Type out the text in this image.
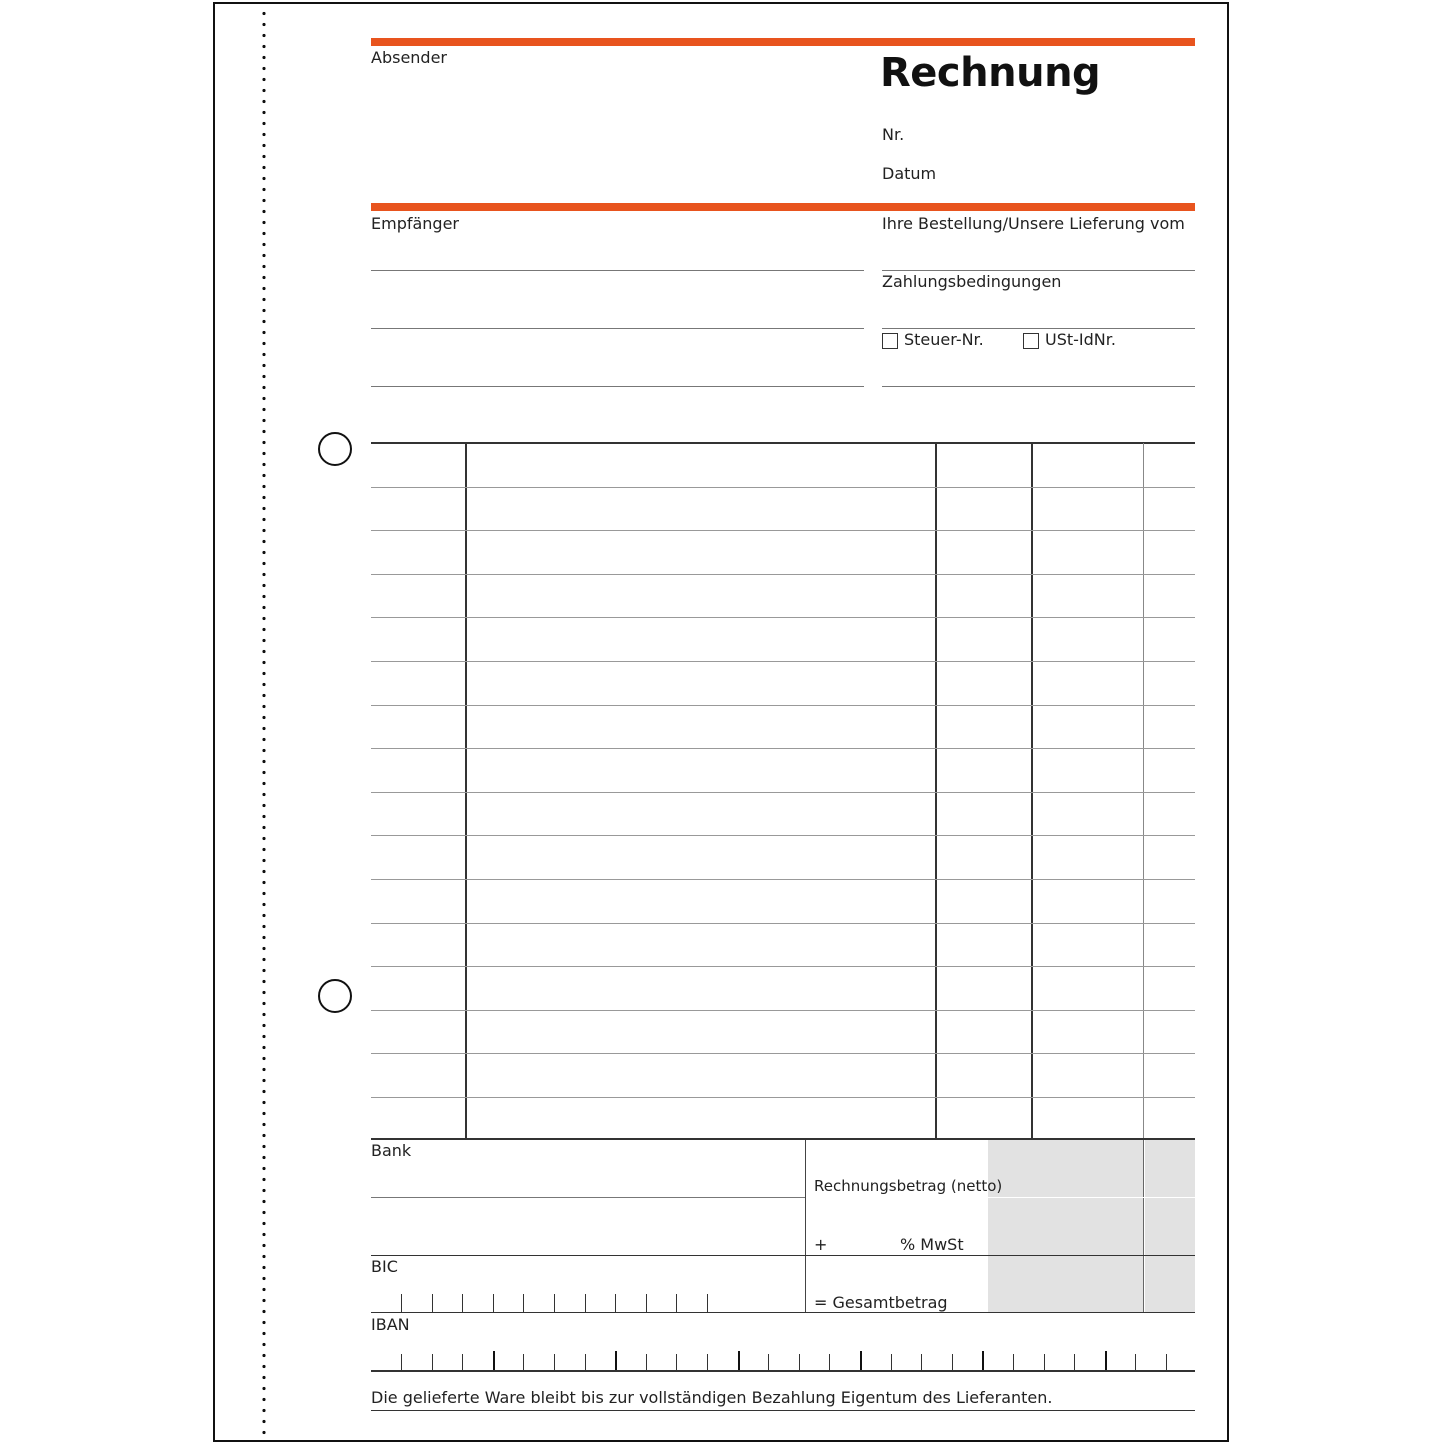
Absender	Rechnung
Nr.
Datum
Empfänger	Ihre Bestellung/Unsere Lieferung vom
Zahlungsbedingungen
Steuer-Nr.	USt-IdNr.
Bank
Rechnungsbetrag (netto)
+	% MwSt
BIC
= Gesamtbetrag
IBAN
Die gelieferte Ware bleibt bis zur vollständigen Bezahlung Eigentum des Lieferanten.
